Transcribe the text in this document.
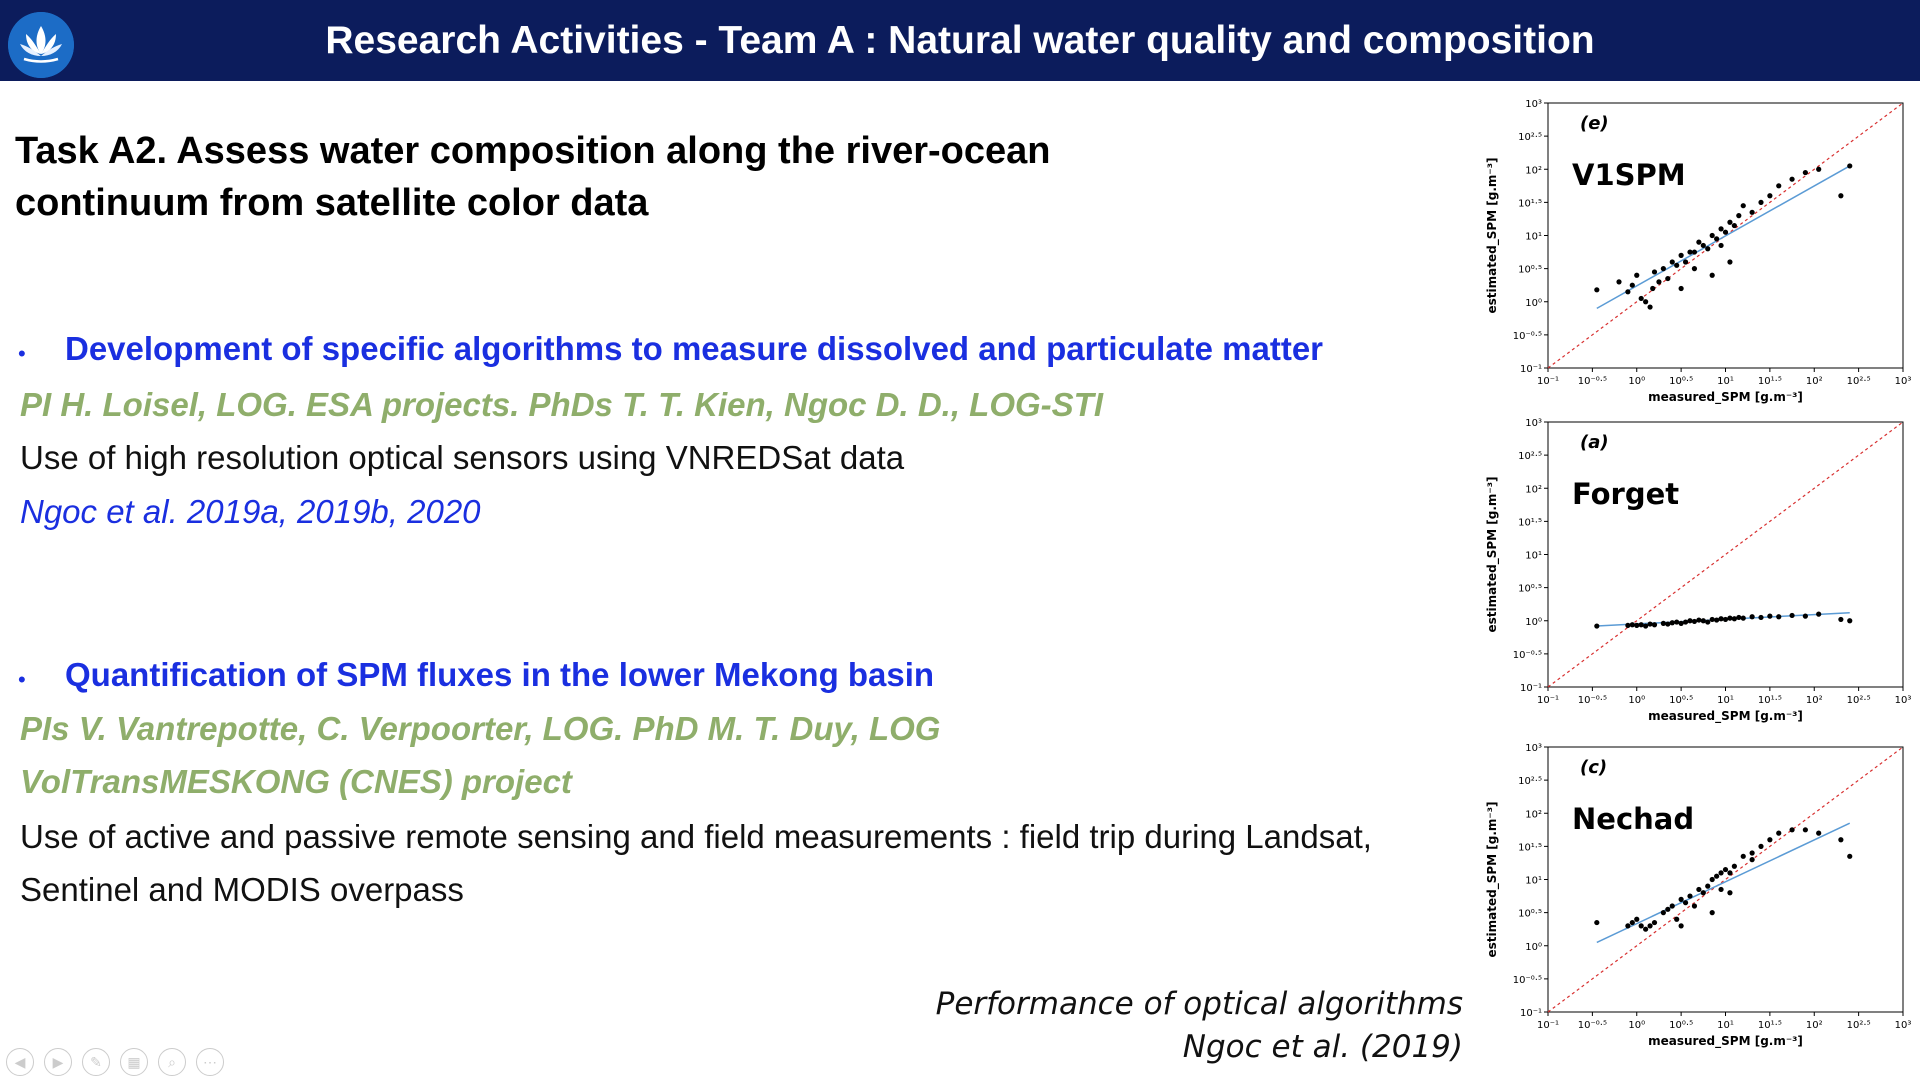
Research Activities - Team A : Natural water quality and composition
Task A2. Assess water composition along the river-ocean
continuum from satellite color data
• Development of specific algorithms to measure dissolved and particulate matter
PI H. Loisel, LOG. ESA projects. PhDs T. T. Kien, Ngoc D. D., LOG-STI
Use of high resolution optical sensors using VNREDSat data
Ngoc et al. 2019a, 2019b, 2020
• Quantification of SPM fluxes in the lower Mekong basin
PIs V. Vantrepotte, C. Verpoorter, LOG. PhD M. T. Duy, LOG
VolTransMESKONG (CNES) project
Use of active and passive remote sensing and field measurements : field trip during Landsat,
Sentinel and MODIS overpass
Performance of optical algorithms
Ngoc et al. (2019)
10⁻¹
10⁻¹
10⁻⁰·⁵
10⁻⁰·⁵
10⁰
10⁰
10⁰·⁵
10⁰·⁵
10¹
10¹
10¹·⁵
10¹·⁵
10²
10²
10²·⁵
10²·⁵
10³
10³
(e)
V1SPM
measured_SPM [g.m⁻³]
estimated_SPM [g.m⁻³]
10⁻¹
10⁻¹
10⁻⁰·⁵
10⁻⁰·⁵
10⁰
10⁰
10⁰·⁵
10⁰·⁵
10¹
10¹
10¹·⁵
10¹·⁵
10²
10²
10²·⁵
10²·⁵
10³
10³
(a)
Forget
measured_SPM [g.m⁻³]
estimated_SPM [g.m⁻³]
10⁻¹
10⁻¹
10⁻⁰·⁵
10⁻⁰·⁵
10⁰
10⁰
10⁰·⁵
10⁰·⁵
10¹
10¹
10¹·⁵
10¹·⁵
10²
10²
10²·⁵
10²·⁵
10³
10³
(c)
Nechad
measured_SPM [g.m⁻³]
estimated_SPM [g.m⁻³]
◀	▶	✎	▦	⌕	⋯
